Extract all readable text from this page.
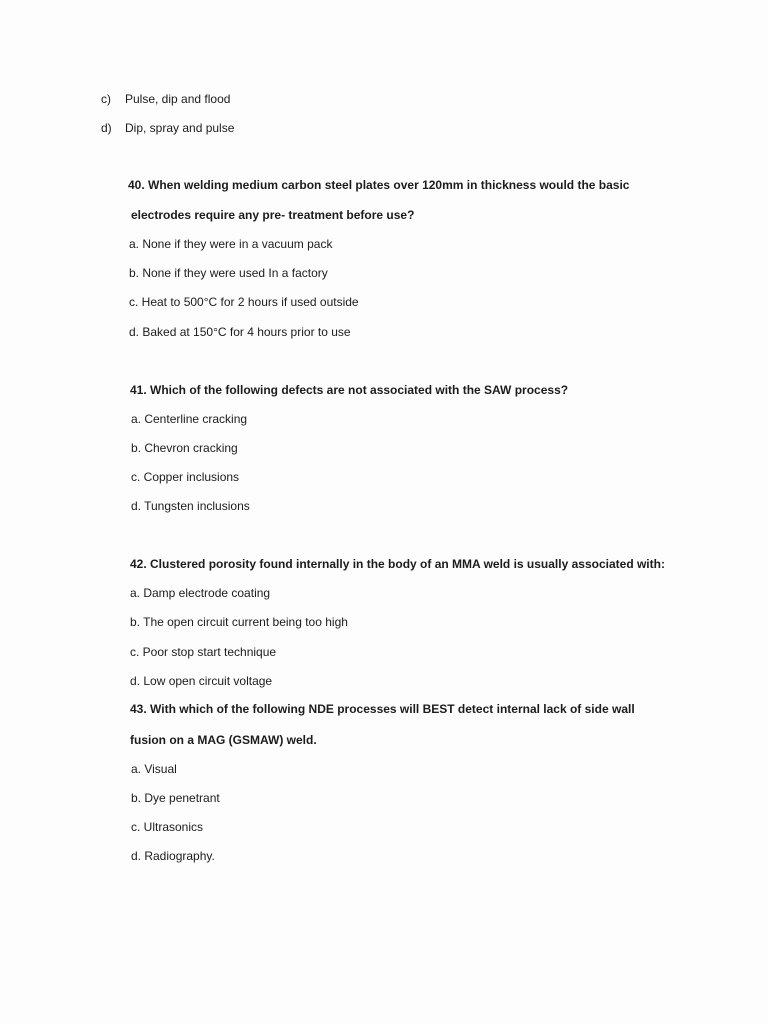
c) Pulse, dip and flood
d) Dip, spray and pulse
40. When welding medium carbon steel plates over 120mm in thickness would the basic
electrodes require any pre- treatment before use?
a. None if they were in a vacuum pack
b. None if they were used In a factory
c. Heat to 500°C for 2 hours if used outside
d. Baked at 150°C for 4 hours prior to use
41. Which of the following defects are not associated with the SAW process?
a. Centerline cracking
b. Chevron cracking
c. Copper inclusions
d. Tungsten inclusions
42. Clustered porosity found internally in the body of an MMA weld is usually associated with:
a. Damp electrode coating
b. The open circuit current being too high
c. Poor stop start technique
d. Low open circuit voltage
43. With which of the following NDE processes will BEST detect internal lack of side wall
fusion on a MAG (GSMAW) weld.
a. Visual
b. Dye penetrant
c. Ultrasonics
d. Radiography.
